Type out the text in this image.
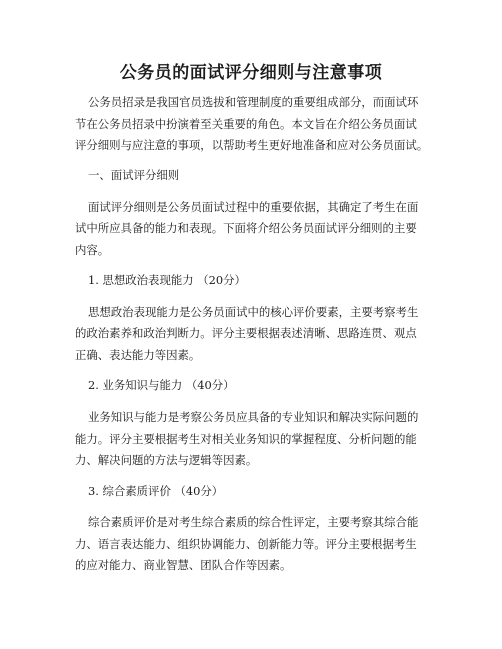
公务员的面试评分细则与注意事项
公务员招录是我国官员选拔和管理制度的重要组成部分，而面试环
节在公务员招录中扮演着至关重要的角色。本文旨在介绍公务员面试
评分细则与应注意的事项，以帮助考生更好地准备和应对公务员面试。
一、面试评分细则
面试评分细则是公务员面试过程中的重要依据，其确定了考生在面
试中所应具备的能力和表现。下面将介绍公务员面试评分细则的主要
内容。
1. 思想政治表现能力 （20分）
思想政治表现能力是公务员面试中的核心评价要素，主要考察考生
的政治素养和政治判断力。评分主要根据表述清晰、思路连贯、观点
正确、表达能力等因素。
2. 业务知识与能力 （40分）
业务知识与能力是考察公务员应具备的专业知识和解决实际问题的
能力。评分主要根据考生对相关业务知识的掌握程度、分析问题的能
力、解决问题的方法与逻辑等因素。
3. 综合素质评价 （40分）
综合素质评价是对考生综合素质的综合性评定，主要考察其综合能
力、语言表达能力、组织协调能力、创新能力等。评分主要根据考生
的应对能力、商业智慧、团队合作等因素。
